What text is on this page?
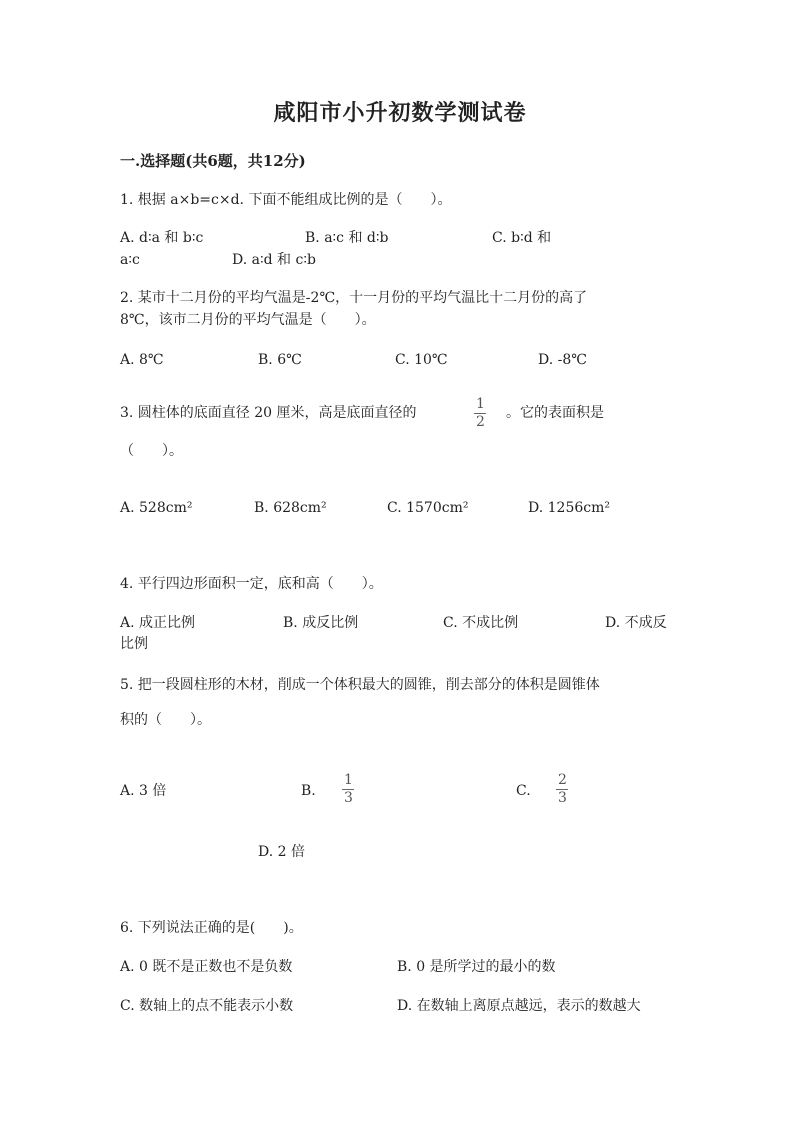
咸阳市小升初数学测试卷
一.选择题(共6题，共12分)
1. 根据 a×b=c×d. 下面不能组成比例的是（　　）。
A. d∶a 和 b∶c	B. a∶c 和 d∶b	C. b∶d 和
a∶c	D. a∶d 和 c∶b
2. 某市十二月份的平均气温是-2℃，十一月份的平均气温比十二月份的高了
8℃，该市二月份的平均气温是（　　）。
A. 8℃	B. 6℃	C. 10℃	D. -8℃
3. 圆柱体的底面直径 20 厘米，高是底面直径的
1
2
。它的表面积是
（　　）。
A. 528cm²	B. 628cm²	C. 1570cm²	D. 1256cm²
4. 平行四边形面积一定，底和高（　　）。
A. 成正比例	B. 成反比例	C. 不成比例	D. 不成反
比例
5. 把一段圆柱形的木材，削成一个体积最大的圆锥，削去部分的体积是圆锥体
积的（　　）。
A. 3 倍	B.
1
3	C.
2
3
D. 2 倍
6. 下列说法正确的是(　　)。
A. 0 既不是正数也不是负数	B. 0 是所学过的最小的数
C. 数轴上的点不能表示小数	D. 在数轴上离原点越远，表示的数越大
